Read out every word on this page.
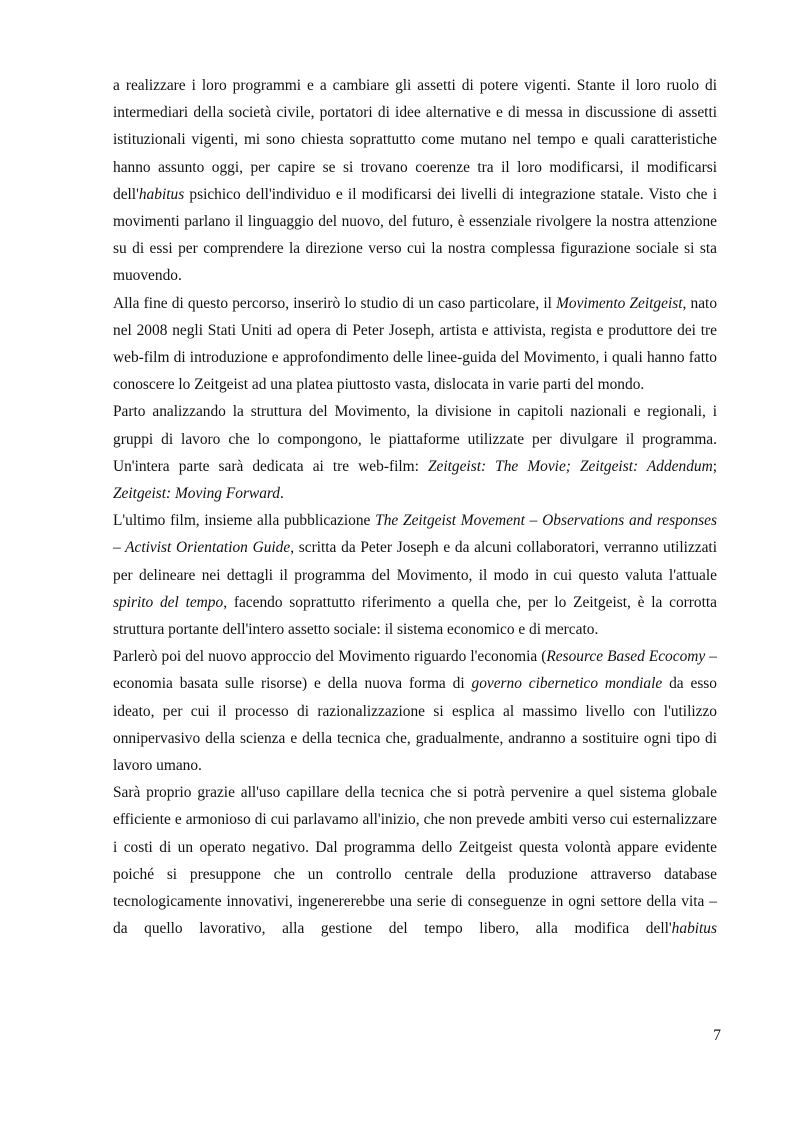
a realizzare i loro programmi e a cambiare gli assetti di potere vigenti. Stante il loro ruolo di intermediari della società civile, portatori di idee alternative e di messa in discussione di assetti istituzionali vigenti, mi sono chiesta soprattutto come mutano nel tempo e quali caratteristiche hanno assunto oggi, per capire se si trovano coerenze tra il loro modificarsi, il modificarsi dell'habitus psichico dell'individuo e il modificarsi dei livelli di integrazione statale. Visto che i movimenti parlano il linguaggio del nuovo, del futuro, è essenziale rivolgere la nostra attenzione su di essi per comprendere la direzione verso cui la nostra complessa figurazione sociale si sta muovendo.

Alla fine di questo percorso, inserirò lo studio di un caso particolare, il Movimento Zeitgeist, nato nel 2008 negli Stati Uniti ad opera di Peter Joseph, artista e attivista, regista e produttore dei tre web-film di introduzione e approfondimento delle linee-guida del Movimento, i quali hanno fatto conoscere lo Zeitgeist ad una platea piuttosto vasta, dislocata in varie parti del mondo.

Parto analizzando la struttura del Movimento, la divisione in capitoli nazionali e regionali, i gruppi di lavoro che lo compongono, le piattaforme utilizzate per divulgare il programma. Un'intera parte sarà dedicata ai tre web-film: Zeitgeist: The Movie; Zeitgeist: Addendum; Zeitgeist: Moving Forward.

L'ultimo film, insieme alla pubblicazione The Zeitgeist Movement – Observations and responses – Activist Orientation Guide, scritta da Peter Joseph e da alcuni collaboratori, verranno utilizzati per delineare nei dettagli il programma del Movimento, il modo in cui questo valuta l'attuale spirito del tempo, facendo soprattutto riferimento a quella che, per lo Zeitgeist, è la corrotta struttura portante dell'intero assetto sociale: il sistema economico e di mercato.

Parlerò poi del nuovo approccio del Movimento riguardo l'economia (Resource Based Ecocomy – economia basata sulle risorse) e della nuova forma di governo cibernetico mondiale da esso ideato, per cui il processo di razionalizzazione si esplica al massimo livello con l'utilizzo onnipervasivo della scienza e della tecnica che, gradualmente, andranno a sostituire ogni tipo di lavoro umano.

Sarà proprio grazie all'uso capillare della tecnica che si potrà pervenire a quel sistema globale efficiente e armonioso di cui parlavamo all'inizio, che non prevede ambiti verso cui esternalizzare i costi di un operato negativo. Dal programma dello Zeitgeist questa volontà appare evidente poiché si presuppone che un controllo centrale della produzione attraverso database tecnologicamente innovativi, ingenererebbe una serie di conseguenze in ogni settore della vita – da quello lavorativo, alla gestione del tempo libero, alla modifica dell'habitus

7
